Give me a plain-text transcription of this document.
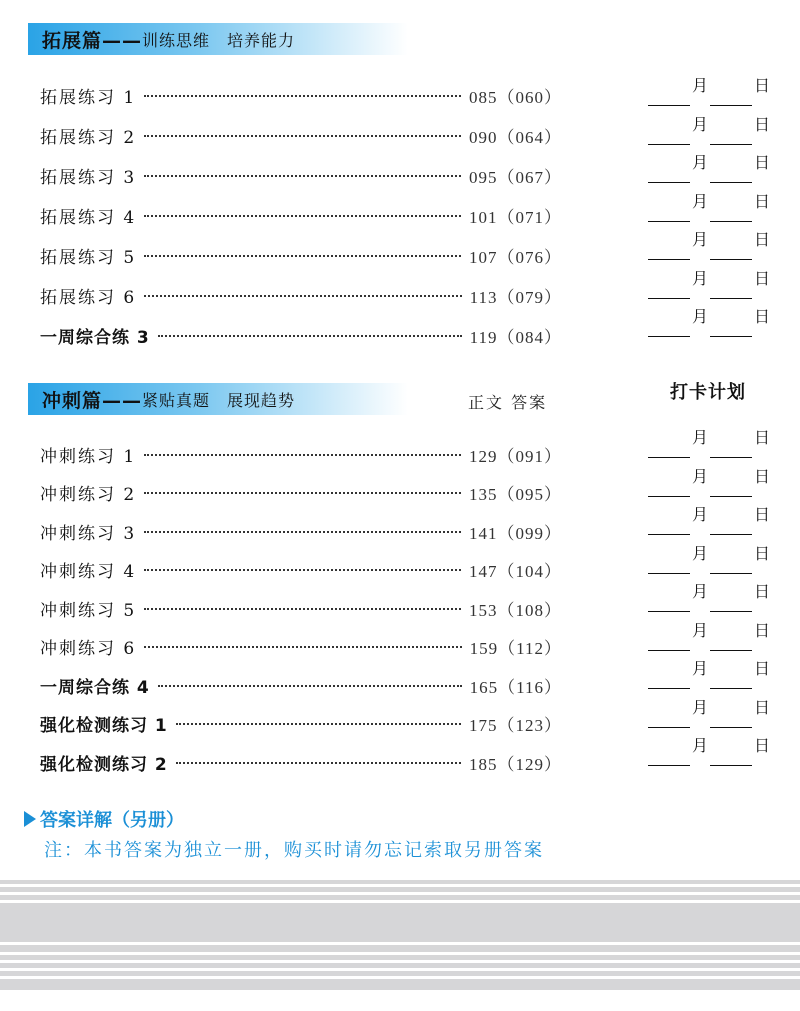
拓展篇—— 训练思维　培养能力
拓展练习 1	085（060）
月	日
拓展练习 2	090（064）
月	日
拓展练习 3	095（067）
月	日
拓展练习 4	101（071）
月	日
拓展练习 5	107（076）
月	日
拓展练习 6	113（079）
月	日
一周综合练 3	119（084）
月	日
冲刺篇—— 紧贴真题　展现趋势	正文 答案	打卡计划
冲刺练习 1	129（091）
月	日
冲刺练习 2	135（095）
月	日
冲刺练习 3	141（099）
月	日
冲刺练习 4	147（104）
月	日
冲刺练习 5	153（108）
月	日
冲刺练习 6	159（112）
月	日
一周综合练 4	165（116）
月	日
强化检测练习 1	175（123）
月	日
强化检测练习 2	185（129）
月	日
答案详解（另册）
注：本书答案为独立一册，购买时请勿忘记索取另册答案
